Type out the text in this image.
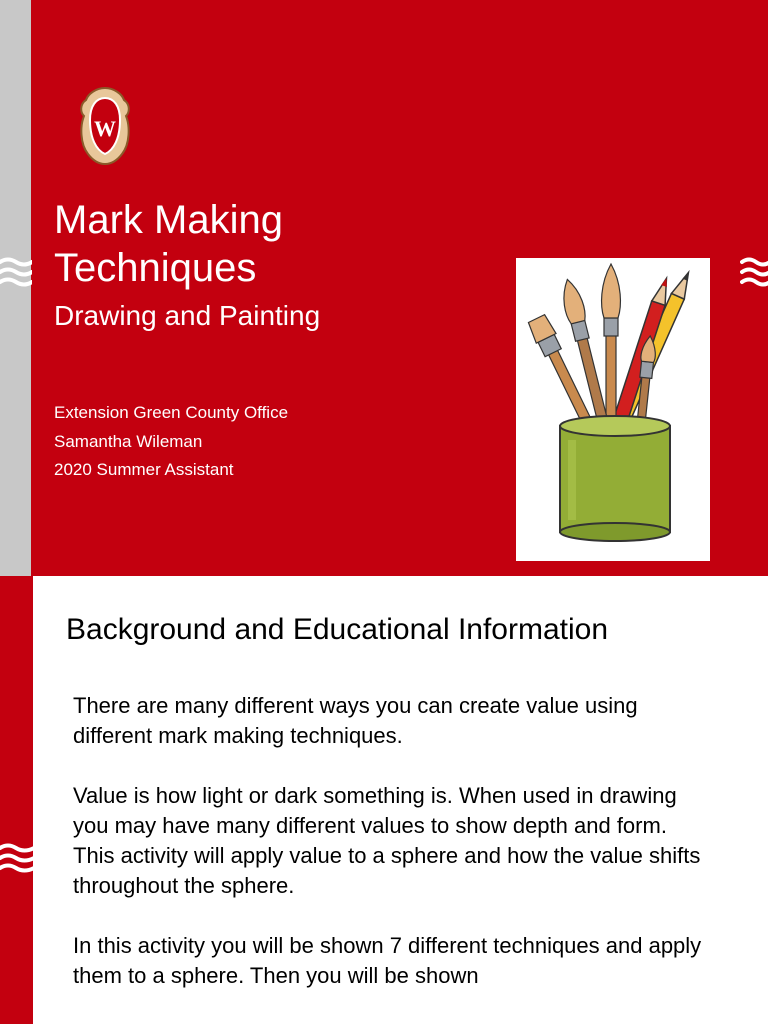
W
Mark Making
Techniques
Drawing and Painting
Extension Green County Office
Samantha Wileman
2020 Summer Assistant
Background and Educational Information

There are many different ways you can create value using different mark making techniques.

Value is how light or dark something is. When used in drawing you may have many different values to show depth and form. This activity will apply value to a sphere and how the value shifts throughout the sphere.

In this activity you will be shown 7 different techniques and apply them to a sphere. Then you will be shown
